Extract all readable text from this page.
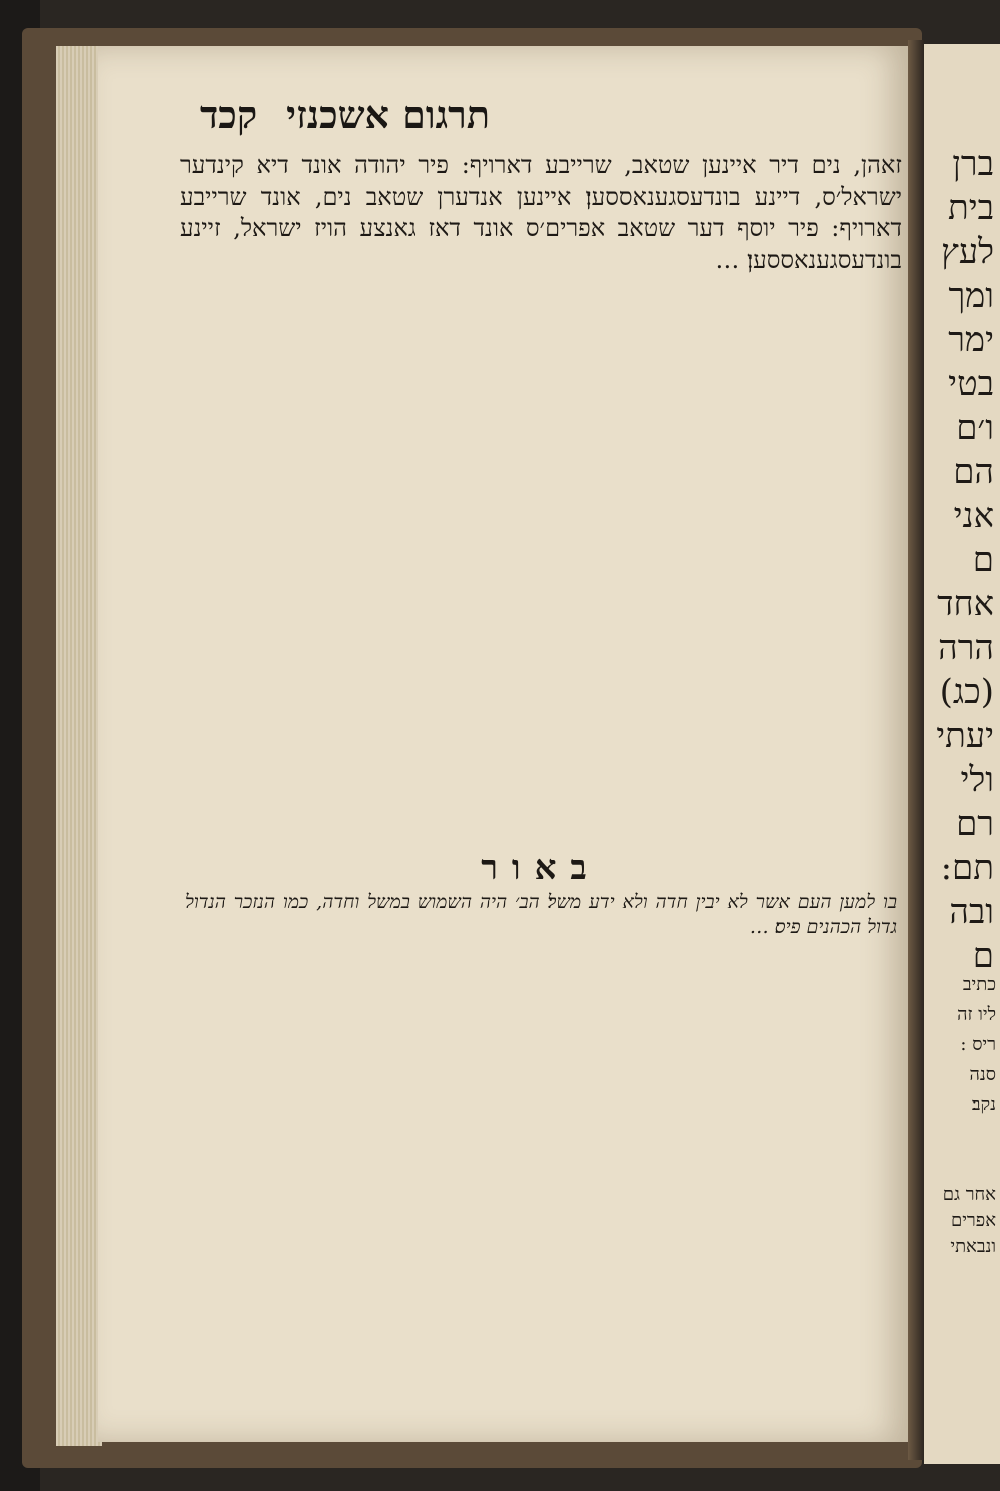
תרגום אשכנזי
קכד
זאהן, נים דיר איינען שטאב, שרייבע דארויף: פיר יהודה אונד דיא קינדער ישראל׳ס, דיינע בונדעסגענאססען׃ איינען אנדערן שטאב נים, אונד שרייבע דארויף: פיר יוסף דער שטאב אפרים׳ס אונד דאז גאנצע הויז ישראל, זיינע בונדעסגענאססען׃ …
באור
בו למען העם אשר לא יבין חדה ולא ידע משל׃ הב׳ היה השמוש במשל וחדה, כמו הנזכר הנדול גדול הכהנים פיס׃ …
ברן
בית
לעץ
ומך
ימר
בטי
ו׳ם
הם
אני
ם
אחד
הרה
(כג)
יעתי
ולי
רם
תם:
ובה
ם
כתיב
ליו זה
ריס :
סנה
נקב׃
אחר גם
אפרים
ונבאתי
